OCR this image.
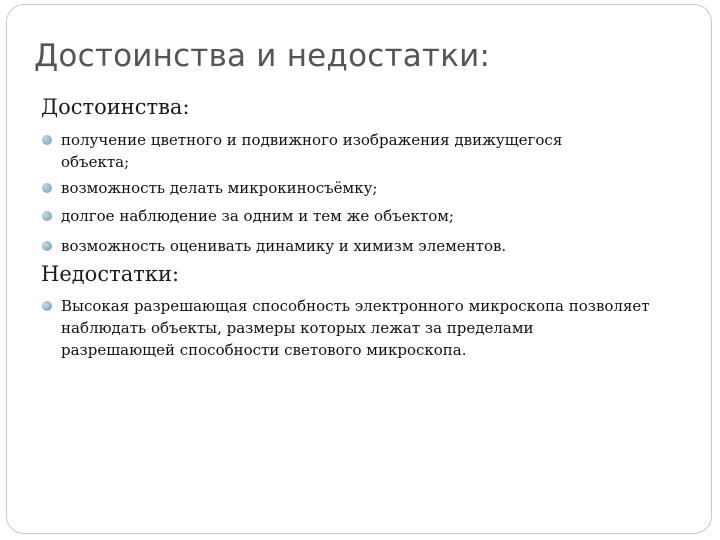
Достоинства и недостатки:
Достоинства:
получение цветного и подвижного изображения движущегося объекта;
возможность делать микрокиносъёмку;
долгое наблюдение за одним и тем же объектом;
возможность оценивать динамику и химизм элементов.
Недостатки:
Высокая разрешающая способность электронного микроскопа позволяет наблюдать объекты, размеры которых лежат за пределами разрешающей способности светового микроскопа.
